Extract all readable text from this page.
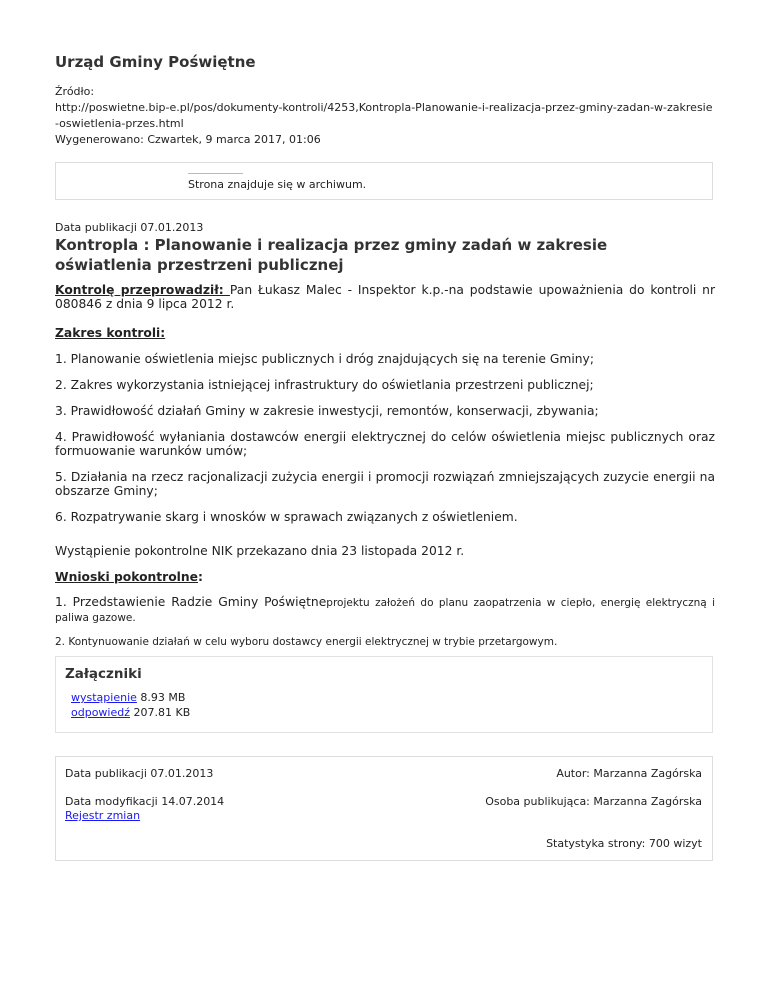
Urząd Gminy Poświętne
Źródło:
http://poswietne.bip-e.pl/pos/dokumenty-kontroli/4253,Kontropla-Planowanie-i-realizacja-przez-gminy-zadan-w-zakresie-oswietlenia-przes.html
Wygenerowano: Czwartek, 9 marca 2017, 01:06
Strona znajduje się w archiwum.
Data publikacji 07.01.2013
Kontropla : Planowanie i realizacja przez gminy zadań w zakresie oświatlenia przestrzeni publicznej

Kontrolę przeprowadził: Pan Łukasz Malec - Inspektor k.p.-na podstawie upoważnienia do kontroli nr 080846 z dnia 9 lipca 2012 r.

Zakres kontroli:

1. Planowanie oświetlenia miejsc publicznych i dróg znajdujących się na terenie Gminy;

2. Zakres wykorzystania istniejącej infrastruktury do oświetlania przestrzeni publicznej;

3. Prawidłowość działań Gminy w zakresie inwestycji, remontów, konserwacji, zbywania;

4. Prawidłowość wyłaniania dostawców energii elektrycznej do celów oświetlenia miejsc publicznych oraz formuowanie warunków umów;

5. Działania na rzecz racjonalizacji zużycia energii i promocji rozwiązań zmniejszających zuzycie energii na obszarze Gminy;

6. Rozpatrywanie skarg i wnosków w sprawach związanych z oświetleniem.

Wystąpienie pokontrolne NIK przekazano dnia 23 listopada 2012 r.

Wnioski pokontrolne:

1. Przedstawienie Radzie Gminy Poświętneprojektu założeń do planu zaopatrzenia w ciepło, energię elektryczną i paliwa gazowe.

2. Kontynuowanie działań w celu wyboru dostawcy energii elektrycznej w trybie przetargowym.

Załączniki
wystąpienie 8.93 MB
odpowiedź 207.81 KB
Data publikacji 07.01.2013	Autor: Marzanna Zagórska
Data modyfikacji 14.07.2014	Osoba publikująca: Marzanna Zagórska
Rejestr zmian
Statystyka strony: 700 wizyt
